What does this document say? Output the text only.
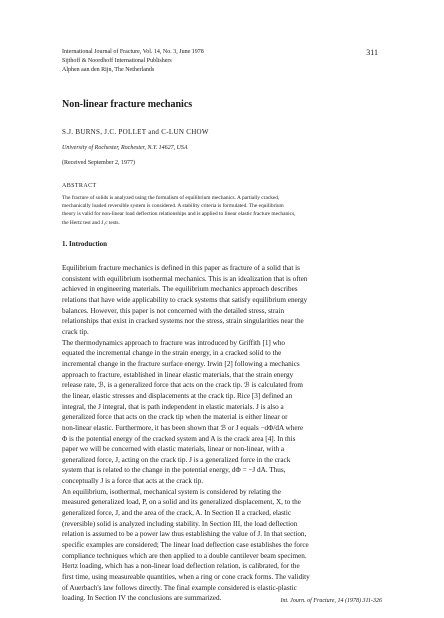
International Journal of Fracture, Vol. 14, No. 3, June 1978
Sijthoff & Noordhoff International Publishers
Alphen aan den Rijn, The Netherlands
311
Non-linear fracture mechanics
S.J. BURNS, J.C. POLLET and C-LUN CHOW
University of Rochester, Rochester, N.Y. 14627, USA
(Received September 2, 1977)
ABSTRACT
The fracture of solids is analyzed using the formalism of equilibrium mechanics. A partially cracked,
mechanically loaded reversible system is considered. A stability criteria is formulated. The equilibrium
theory is valid for non-linear load deflection relationships and is applied to linear elastic fracture mechanics,
the Hertz test and J₁c tests.
1. Introduction
Equilibrium fracture mechanics is defined in this paper as fracture of a solid that is
consistent with equilibrium isothermal mechanics. This is an idealization that is often
achieved in engineering materials. The equilibrium mechanics approach describes
relations that have wide applicability to crack systems that satisfy equilibrium energy
balances. However, this paper is not concerned with the detailed stress, strain
relationships that exist in cracked systems nor the stress, strain singularities near the
crack tip.
The thermodynamics approach to fracture was introduced by Griffith [1] who
equated the incremental change in the strain energy, in a cracked solid to the
incremental change in the fracture surface energy. Irwin [2] following a mechanics
approach to fracture, established in linear elastic materials, that the strain energy
release rate, ℬ, is a generalized force that acts on the crack tip. ℬ is calculated from
the linear, elastic stresses and displacements at the crack tip. Rice [3] defined an
integral, the J integral, that is path independent in elastic materials. J is also a
generalized force that acts on the crack tip when the material is either linear or
non-linear elastic. Furthermore, it has been shown that ℬ or J equals −dΦ/dA where
Φ is the potential energy of the cracked system and A is the crack area [4]. In this
paper we will be concerned with elastic materials, linear or non-linear, with a
generalized force, J, acting on the crack tip. J is a generalized force in the crack
system that is related to the change in the potential energy, dΦ = −J dA. Thus,
conceptually J is a force that acts at the crack tip.
An equilibrium, isothermal, mechanical system is considered by relating the
measured generalized load, P, on a solid and its generalized displacement, X, to the
generalized force, J, and the area of the crack, A. In Section II a cracked, elastic
(reversible) solid is analyzed including stability. In Section III, the load deflection
relation is assumed to be a power law thus establishing the value of J. In that section,
specific examples are considered; The linear load deflection case establishes the force
compliance techniques which are then applied to a double cantilever beam specimen.
Hertz loading, which has a non-linear load deflection relation, is calibrated, for the
first time, using measureable quantities, when a ring or cone crack forms. The validity
of Auerbach's law follows directly. The final example considered is elastic-plastic
loading. In Section IV the conclusions are summarized.	Int. Journ. of Fracture, 14 (1978) 311-326
